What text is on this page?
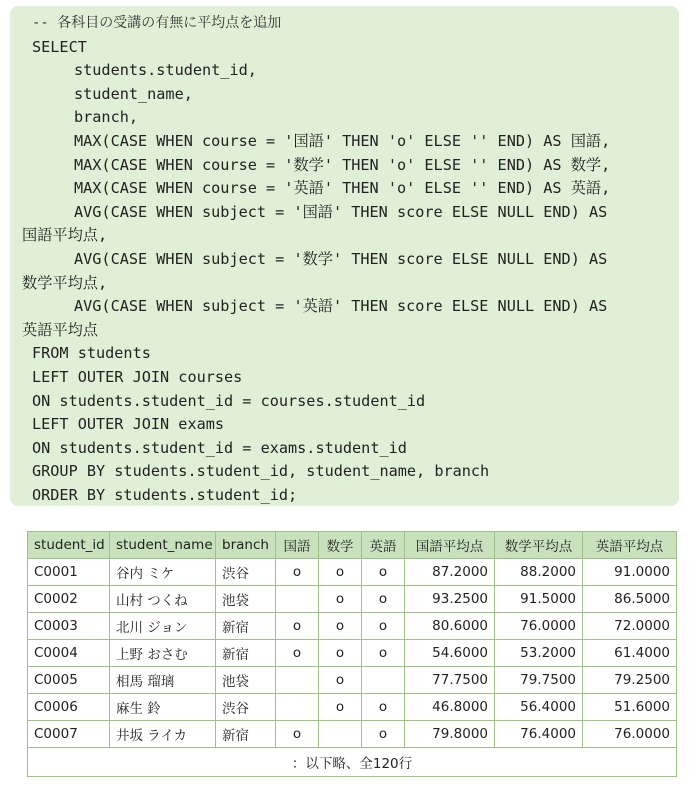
-- 各科目の受講の有無に平均点を追加
SELECT
students.student_id,
student_name,
branch,
MAX(CASE WHEN course = '国語' THEN 'o' ELSE '' END) AS 国語,
MAX(CASE WHEN course = '数学' THEN 'o' ELSE '' END) AS 数学,
MAX(CASE WHEN course = '英語' THEN 'o' ELSE '' END) AS 英語,
AVG(CASE WHEN subject = '国語' THEN score ELSE NULL END) AS
国語平均点,
AVG(CASE WHEN subject = '数学' THEN score ELSE NULL END) AS
数学平均点,
AVG(CASE WHEN subject = '英語' THEN score ELSE NULL END) AS
英語平均点
FROM students
LEFT OUTER JOIN courses
ON students.student_id = courses.student_id
LEFT OUTER JOIN exams
ON students.student_id = exams.student_id
GROUP BY students.student_id, student_name, branch
ORDER BY students.student_id;
student_id	student_name	branch	国語	数学	英語	国語平均点	数学平均点	英語平均点
C0001	谷内 ミケ	渋谷	o	o	o	87.2000	88.2000	91.0000
C0002	山村 つくね	池袋		o	o	93.2500	91.5000	86.5000
C0003	北川 ジョン	新宿	o	o	o	80.6000	76.0000	72.0000
C0004	上野 おさむ	新宿	o	o	o	54.6000	53.2000	61.4000
C0005	相馬 瑠璃	池袋		o		77.7500	79.7500	79.2500
C0006	麻生 鈴	渋谷		o	o	46.8000	56.4000	51.6000
C0007	井坂 ライカ	新宿	o		o	79.8000	76.4000	76.0000
：以下略、全120行								
